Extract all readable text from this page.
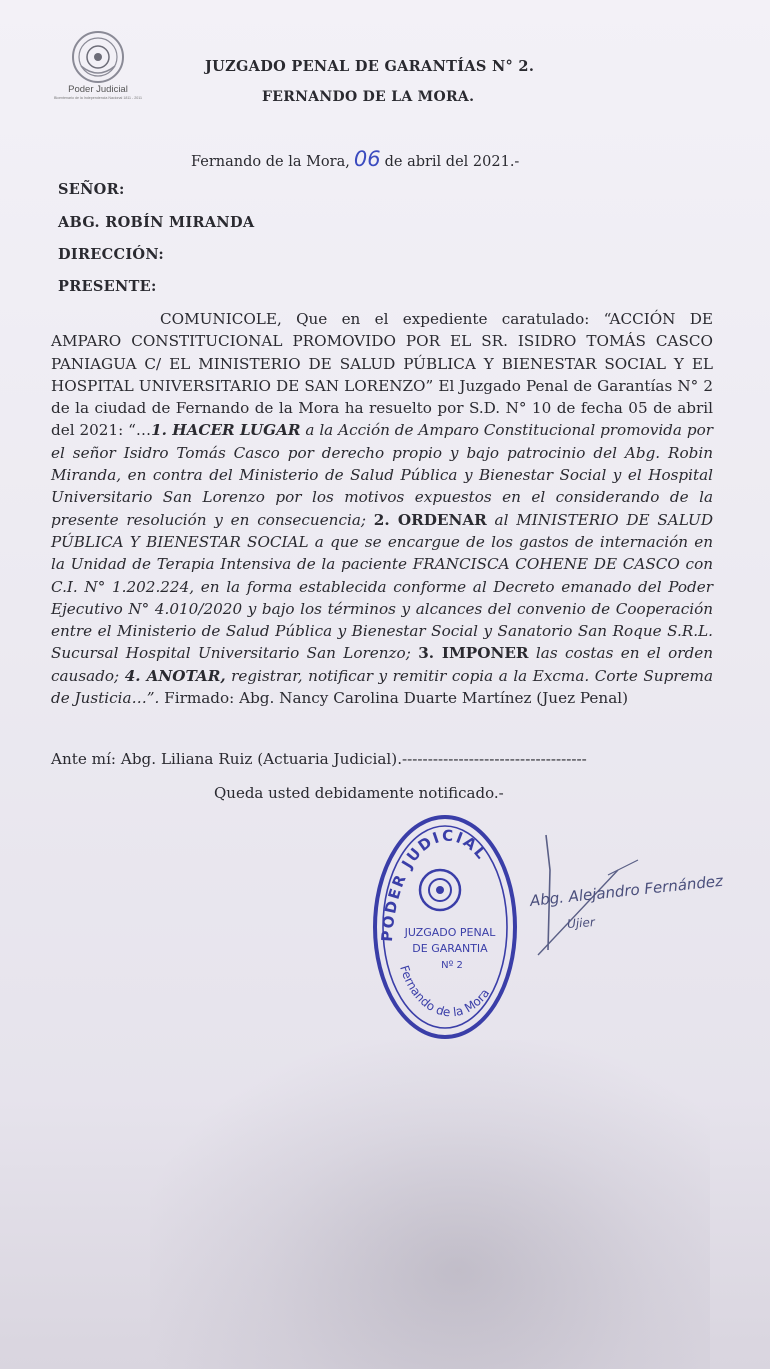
Poder Judicial
Bicentenario de la Independencia Nacional 1811 - 2011
JUZGADO PENAL DE GARANTÍAS N° 2.
FERNANDO DE LA MORA.
Fernando de la Mora, 06 de abril del 2021.-
SEÑOR:
ABG. ROBÍN MIRANDA
DIRECCIÓN:
PRESENTE:

COMUNICOLE, Que en el expediente caratulado: “ACCIÓN DE AMPARO CONSTITUCIONAL PROMOVIDO POR EL SR. ISIDRO TOMÁS CASCO PANIAGUA C/ EL MINISTERIO DE SALUD PÚBLICA Y BIENESTAR SOCIAL Y EL HOSPITAL UNIVERSITARIO DE SAN LORENZO” El Juzgado Penal de Garantías N° 2 de la ciudad de Fernando de la Mora ha resuelto por S.D. N° 10 de fecha 05 de abril del 2021: “…1. HACER LUGAR a la Acción de Amparo Constitucional promovida por el señor Isidro Tomás Casco por derecho propio y bajo patrocinio del Abg. Robin Miranda, en contra del Ministerio de Salud Pública y Bienestar Social y el Hospital Universitario San Lorenzo por los motivos expuestos en el considerando de la presente resolución y en consecuencia; 2. ORDENAR al MINISTERIO DE SALUD PÚBLICA Y BIENESTAR SOCIAL a que se encargue de los gastos de internación en la Unidad de Terapia Intensiva de la paciente FRANCISCA COHENE DE CASCO con C.I. N° 1.202.224, en la forma establecida conforme al Decreto emanado del Poder Ejecutivo N° 4.010/2020 y bajo los términos y alcances del convenio de Cooperación entre el Ministerio de Salud Pública y Bienestar Social y Sanatorio San Roque S.R.L. Sucursal Hospital Universitario San Lorenzo; 3. IMPONER las costas en el orden causado; 4. ANOTAR, registrar, notificar y remitir copia a la Excma. Corte Suprema de Justicia…”. Firmado: Abg. Nancy Carolina Duarte Martínez (Juez Penal)

Ante mí: Abg. Liliana Ruiz (Actuaria Judicial).------------------------------------
Queda usted debidamente notificado.-
Abg. Alejandro Fernández
Ujier
PODER JUDICIAL
JUZGADO PENAL
DE GARANTIA
Nº 2
Fernando de la Mora
